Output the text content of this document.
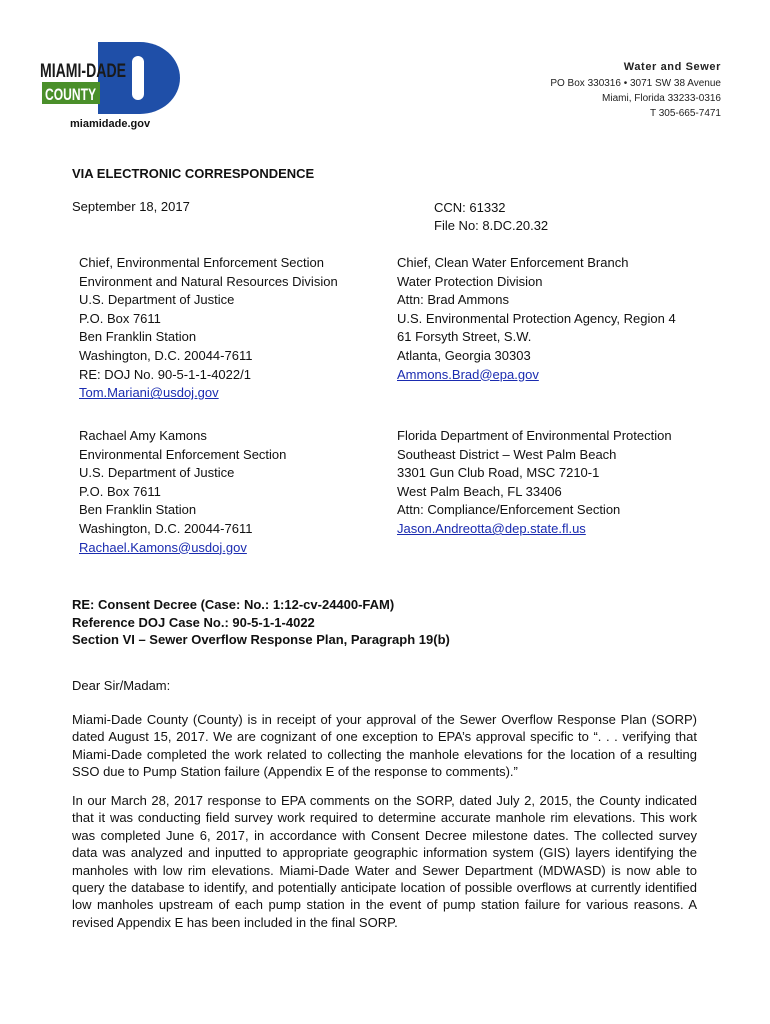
MIAMI-DADE
COUNTY
miamidade.gov
Water and Sewer
PO Box 330316 • 3071 SW 38 Avenue
Miami, Florida 33233-0316
T 305-665-7471
VIA ELECTRONIC CORRESPONDENCE
September 18, 2017	CCN: 61332
File No: 8.DC.20.32
Chief, Environmental Enforcement Section
Environment and Natural Resources Division
U.S. Department of Justice
P.O. Box 7611
Ben Franklin Station
Washington, D.C. 20044-7611
RE: DOJ No. 90-5-1-1-4022/1
Tom.Mariani@usdoj.gov
Chief, Clean Water Enforcement Branch
Water Protection Division
Attn: Brad Ammons
U.S. Environmental Protection Agency, Region 4
61 Forsyth Street, S.W.
Atlanta, Georgia 30303
Ammons.Brad@epa.gov
Rachael Amy Kamons
Environmental Enforcement Section
U.S. Department of Justice
P.O. Box 7611
Ben Franklin Station
Washington, D.C. 20044-7611
Rachael.Kamons@usdoj.gov
Florida Department of Environmental Protection
Southeast District – West Palm Beach
3301 Gun Club Road, MSC 7210-1
West Palm Beach, FL 33406
Attn: Compliance/Enforcement Section
Jason.Andreotta@dep.state.fl.us
RE: Consent Decree (Case: No.: 1:12-cv-24400-FAM)
Reference DOJ Case No.: 90-5-1-1-4022
Section VI – Sewer Overflow Response Plan, Paragraph 19(b)
Dear Sir/Madam:
Miami-Dade County (County) is in receipt of your approval of the Sewer Overflow Response Plan (SORP) dated August 15, 2017. We are cognizant of one exception to EPA’s approval specific to “. . . verifying that Miami-Dade completed the work related to collecting the manhole elevations for the location of a resulting SSO due to Pump Station failure (Appendix E of the response to comments).”
In our March 28, 2017 response to EPA comments on the SORP, dated July 2, 2015, the County indicated that it was conducting field survey work required to determine accurate manhole rim elevations. This work was completed June 6, 2017, in accordance with Consent Decree milestone dates. The collected survey data was analyzed and inputted to appropriate geographic information system (GIS) layers identifying the manholes with low rim elevations. Miami-Dade Water and Sewer Department (MDWASD) is now able to query the database to identify, and potentially anticipate location of possible overflows at currently identified low manholes upstream of each pump station in the event of pump station failure for various reasons. A revised Appendix E has been included in the final SORP.
